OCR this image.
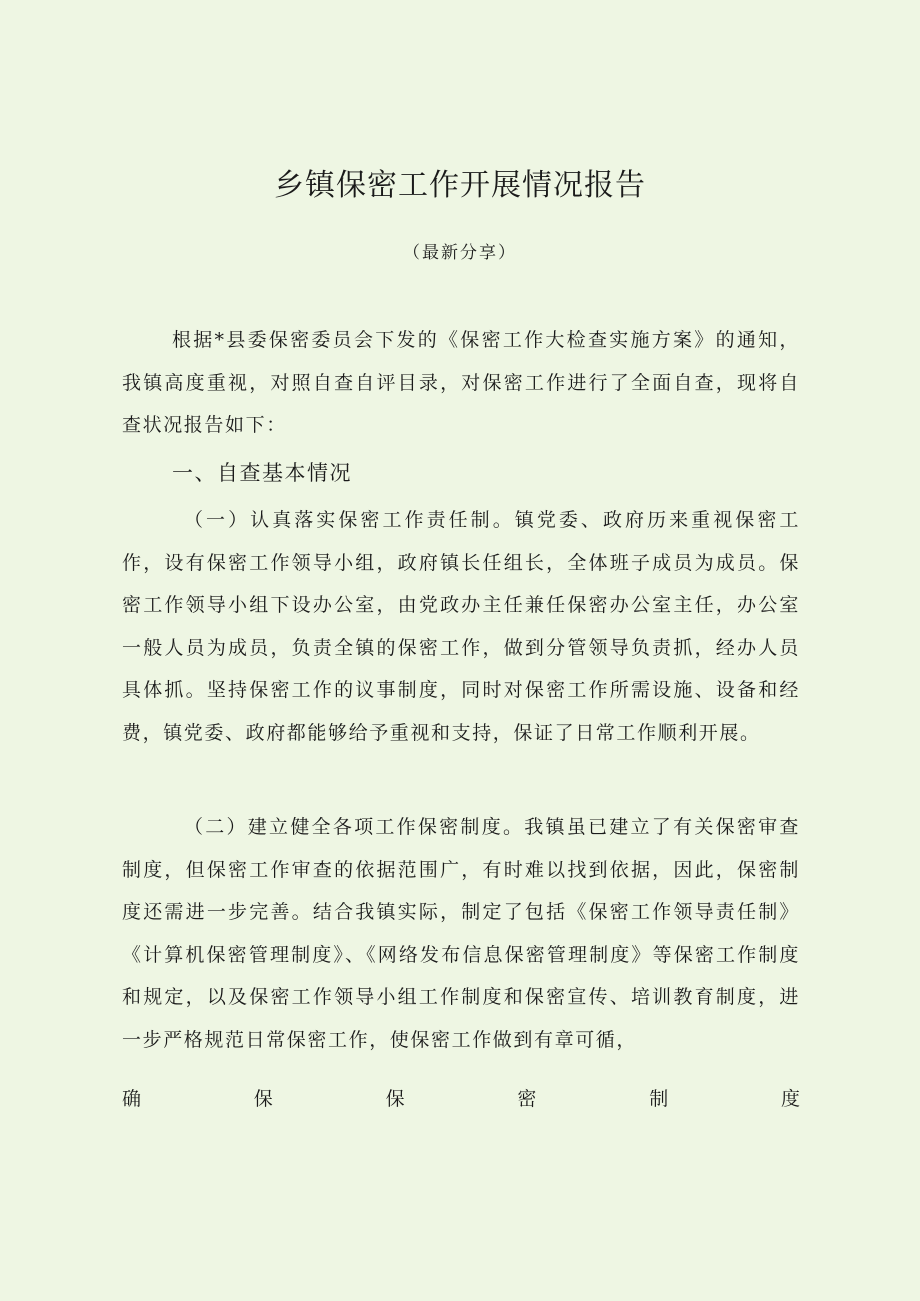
乡镇保密工作开展情况报告
（最新分享）

根据*县委保密委员会下发的《保密工作大检查实施方案》的通知，我镇高度重视，对照自查自评目录，对保密工作进行了全面自查，现将自查状况报告如下：

一、自查基本情况

（一）认真落实保密工作责任制。镇党委、政府历来重视保密工作，设有保密工作领导小组，政府镇长任组长，全体班子成员为成员。保密工作领导小组下设办公室，由党政办主任兼任保密办公室主任，办公室一般人员为成员，负责全镇的保密工作，做到分管领导负责抓，经办人员具体抓。坚持保密工作的议事制度，同时对保密工作所需设施、设备和经费，镇党委、政府都能够给予重视和支持，保证了日常工作顺利开展。

（二）建立健全各项工作保密制度。我镇虽已建立了有关保密审查制度，但保密工作审查的依据范围广，有时难以找到依据，因此，保密制度还需进一步完善。结合我镇实际，制定了包括《保密工作领导责任制》《计算机保密管理制度》、《网络发布信息保密管理制度》等保密工作制度和规定，以及保密工作领导小组工作制度和保密宣传、培训教育制度，进一步严格规范日常保密工作，使保密工作做到有章可循，

确	保	保	密	制	度
